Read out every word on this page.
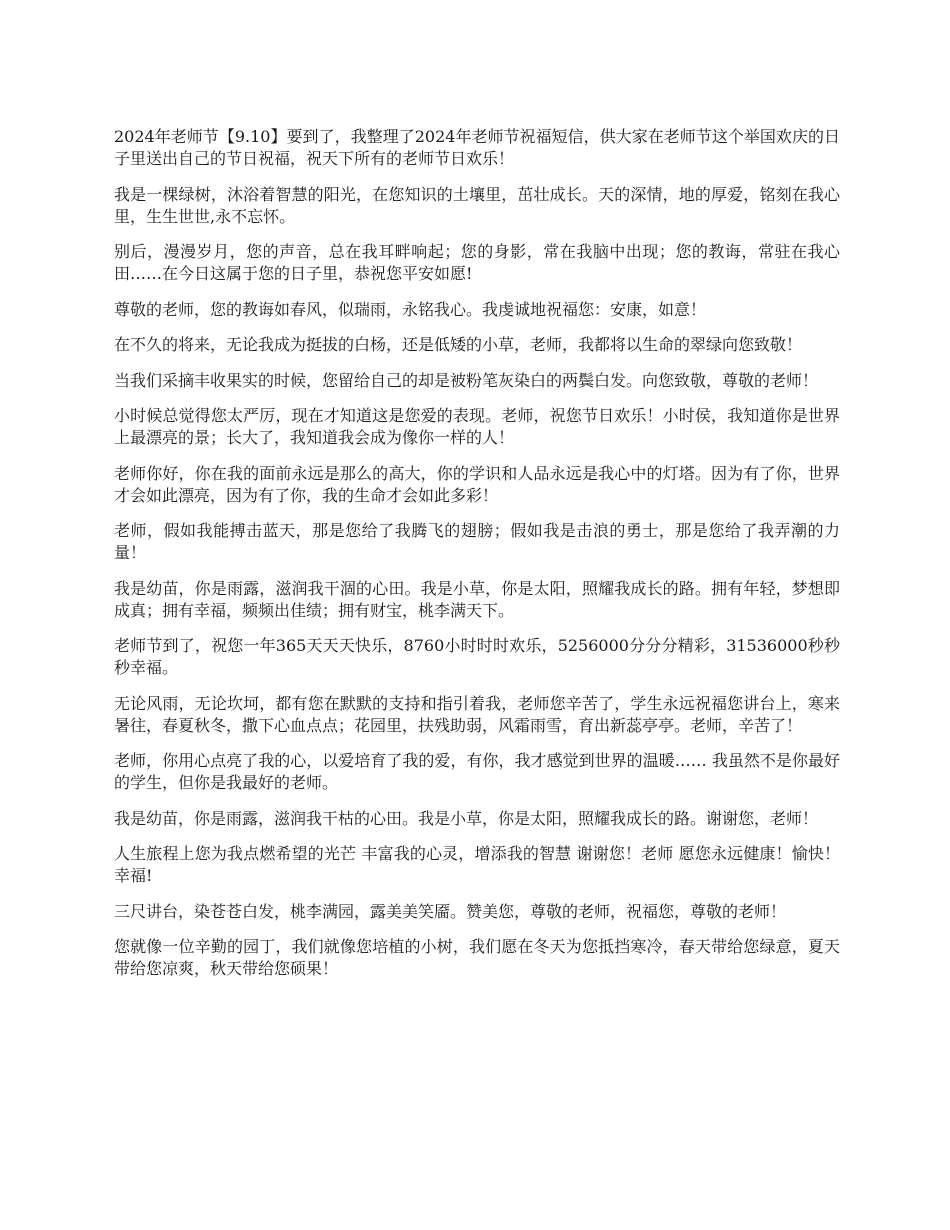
2024年老师节【9.10】要到了，我整理了2024年老师节祝福短信，供大家在老师节这个举国欢庆的日子里送出自己的节日祝福，祝天下所有的老师节日欢乐！

我是一棵绿树，沐浴着智慧的阳光，在您知识的土壤里，茁壮成长。天的深情，地的厚爱，铭刻在我心里，生生世世,永不忘怀。

别后，漫漫岁月，您的声音，总在我耳畔响起；您的身影，常在我脑中出现；您的教诲，常驻在我心田……在今日这属于您的日子里，恭祝您平安如愿!

尊敬的老师，您的教诲如春风，似瑞雨，永铭我心。我虔诚地祝福您：安康，如意！

在不久的将来，无论我成为挺拔的白杨，还是低矮的小草，老师，我都将以生命的翠绿向您致敬！

当我们采摘丰收果实的时候，您留给自己的却是被粉笔灰染白的两鬓白发。向您致敬，尊敬的老师！

小时候总觉得您太严厉，现在才知道这是您爱的表现。老师，祝您节日欢乐！小时侯，我知道你是世界上最漂亮的景；长大了，我知道我会成为像你一样的人！

老师你好，你在我的面前永远是那么的高大，你的学识和人品永远是我心中的灯塔。因为有了你，世界才会如此漂亮，因为有了你，我的生命才会如此多彩！

老师，假如我能搏击蓝天，那是您给了我腾飞的翅膀；假如我是击浪的勇士，那是您给了我弄潮的力量！

我是幼苗，你是雨露，滋润我干涸的心田。我是小草，你是太阳，照耀我成长的路。拥有年轻，梦想即成真；拥有幸福，频频出佳绩；拥有财宝，桃李满天下。

老师节到了，祝您一年365天天天快乐，8760小时时时欢乐，5256000分分分精彩，31536000秒秒秒幸福。

无论风雨，无论坎坷，都有您在默默的支持和指引着我，老师您辛苦了，学生永远祝福您讲台上，寒来暑往，春夏秋冬，撒下心血点点；花园里，扶残助弱，风霜雨雪，育出新蕊亭亭。老师，辛苦了！

老师，你用心点亮了我的心，以爱培育了我的爱，有你，我才感觉到世界的温暖…… 我虽然不是你最好的学生，但你是我最好的老师。

我是幼苗，你是雨露，滋润我干枯的心田。我是小草，你是太阳，照耀我成长的路。谢谢您，老师！

人生旅程上您为我点燃希望的光芒 丰富我的心灵，增添我的智慧 谢谢您！老师 愿您永远健康！愉快！幸福!

三尺讲台，染苍苍白发，桃李满园，露美美笑靥。赞美您，尊敬的老师，祝福您，尊敬的老师！

您就像一位辛勤的园丁，我们就像您培植的小树，我们愿在冬天为您抵挡寒冷，春天带给您绿意，夏天带给您凉爽，秋天带给您硕果！
